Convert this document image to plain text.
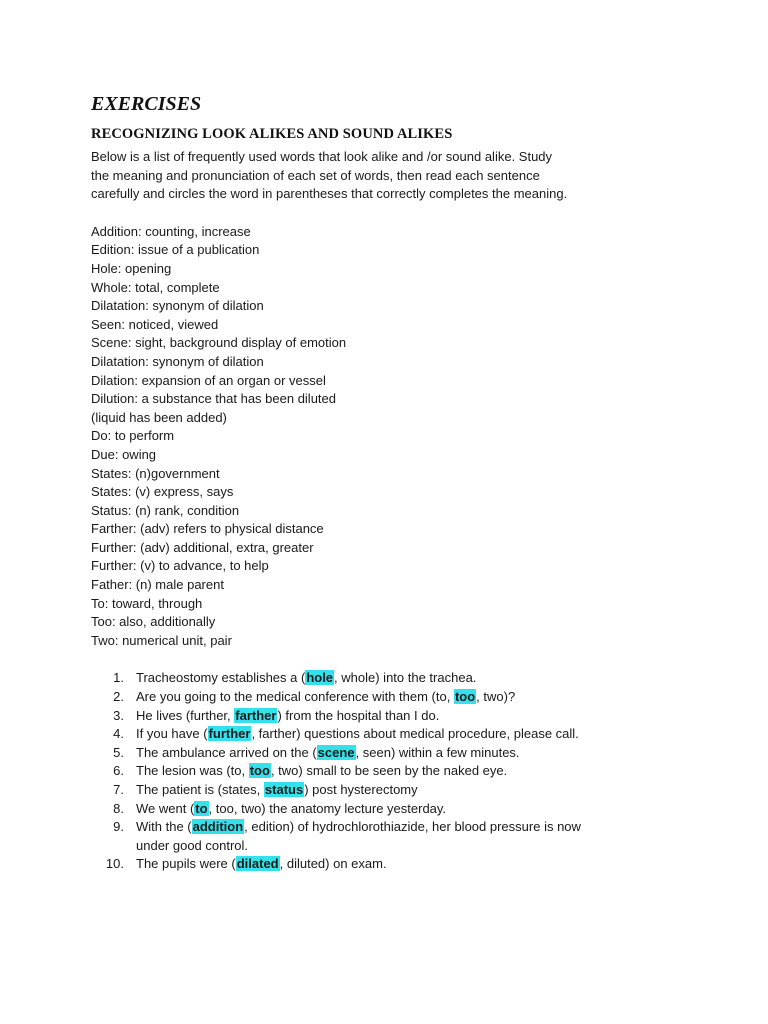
EXERCISES
RECOGNIZING LOOK ALIKES AND SOUND ALIKES

Below is a list of frequently used words that look alike and /or sound alike. Study

the meaning and pronunciation of each set of words, then read each sentence

carefully and circles the word in parentheses that correctly completes the meaning.

Addition: counting, increase

Edition: issue of a publication

Hole: opening

Whole: total, complete

Dilatation: synonym of dilation

Seen: noticed, viewed

Scene: sight, background display of emotion

Dilatation: synonym of dilation

Dilation: expansion of an organ or vessel

Dilution: a substance that has been diluted

(liquid has been added)

Do: to perform

Due: owing

States: (n)government

States: (v) express, says

Status: (n) rank, condition

Farther: (adv) refers to physical distance

Further: (adv) additional, extra, greater

Further: (v) to advance, to help

Father: (n) male parent

To: toward, through

Too: also, additionally

Two: numerical unit, pair

1. Tracheostomy establishes a (hole, whole) into the trachea.
2. Are you going to the medical conference with them (to, too, two)?
3. He lives (further, farther) from the hospital than I do.
4. If you have (further, farther) questions about medical procedure, please call.
5. The ambulance arrived on the (scene, seen) within a few minutes.
6. The lesion was (to, too, two) small to be seen by the naked eye.
7. The patient is (states, status) post hysterectomy
8. We went (to, too, two) the anatomy lecture yesterday.
9. With the (addition, edition) of hydrochlorothiazide, her blood pressure is now
under good control.
10. The pupils were (dilated, diluted) on exam.
